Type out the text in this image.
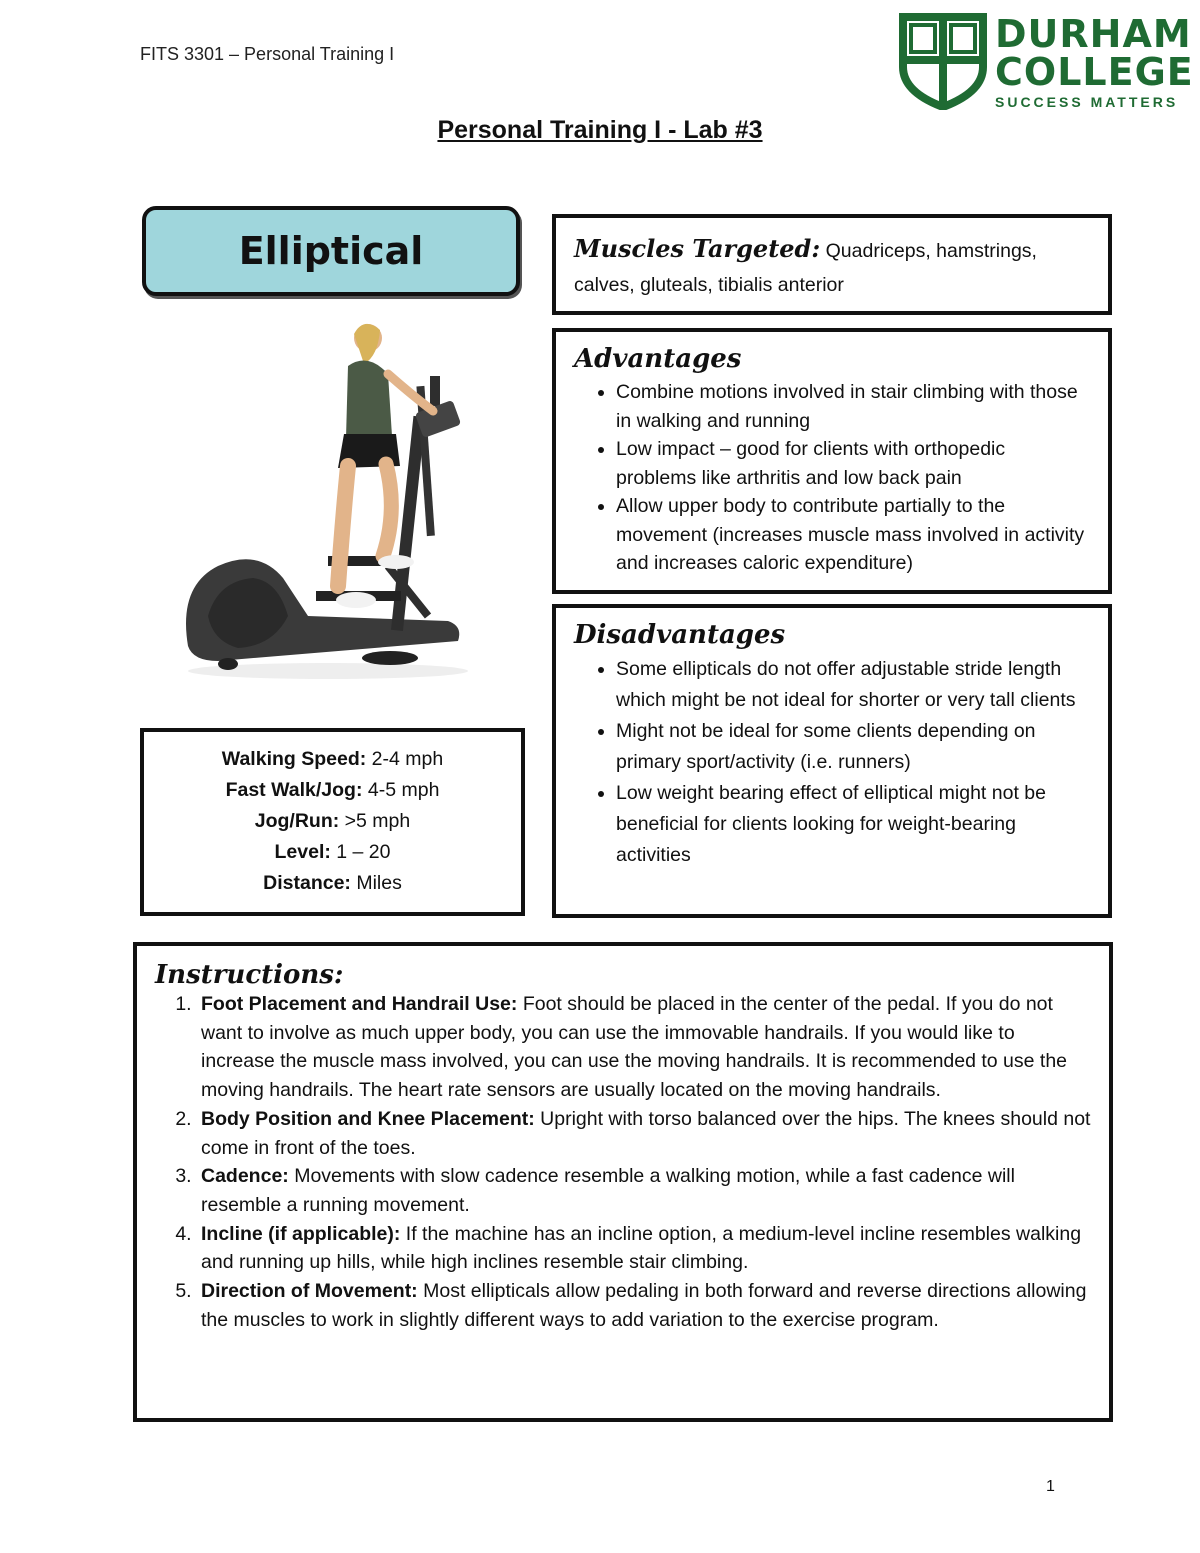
FITS 3301 – Personal Training I	DURHAM
COLLEGE
SUCCESS MATTERS
Personal Training I - Lab #3
Elliptical	Muscles Targeted: Quadriceps, hamstrings, calves, gluteals, tibialis anterior
Advantages
• Combine motions involved in stair climbing with those in walking and running
• Low impact – good for clients with orthopedic problems like arthritis and low back pain
• Allow upper body to contribute partially to the movement (increases muscle mass involved in activity and increases caloric expenditure)
Disadvantages
• Some ellipticals do not offer adjustable stride length which might be not ideal for shorter or very tall clients
• Might not be ideal for some clients depending on primary sport/activity (i.e. runners)
• Low weight bearing effect of elliptical might not be beneficial for clients looking for weight-bearing activities
Walking Speed: 2-4 mph
Fast Walk/Jog: 4-5 mph
Jog/Run: >5 mph
Level: 1 – 20
Distance: Miles
Instructions:
1. Foot Placement and Handrail Use: Foot should be placed in the center of the pedal. If you do not want to involve as much upper body, you can use the immovable handrails. If you would like to increase the muscle mass involved, you can use the moving handrails. It is recommended to use the moving handrails. The heart rate sensors are usually located on the moving handrails.
2. Body Position and Knee Placement: Upright with torso balanced over the hips. The knees should not come in front of the toes.
3. Cadence: Movements with slow cadence resemble a walking motion, while a fast cadence will resemble a running movement.
4. Incline (if applicable): If the machine has an incline option, a medium-level incline resembles walking and running up hills, while high inclines resemble stair climbing.
5. Direction of Movement: Most ellipticals allow pedaling in both forward and reverse directions allowing the muscles to work in slightly different ways to add variation to the exercise program.
1
